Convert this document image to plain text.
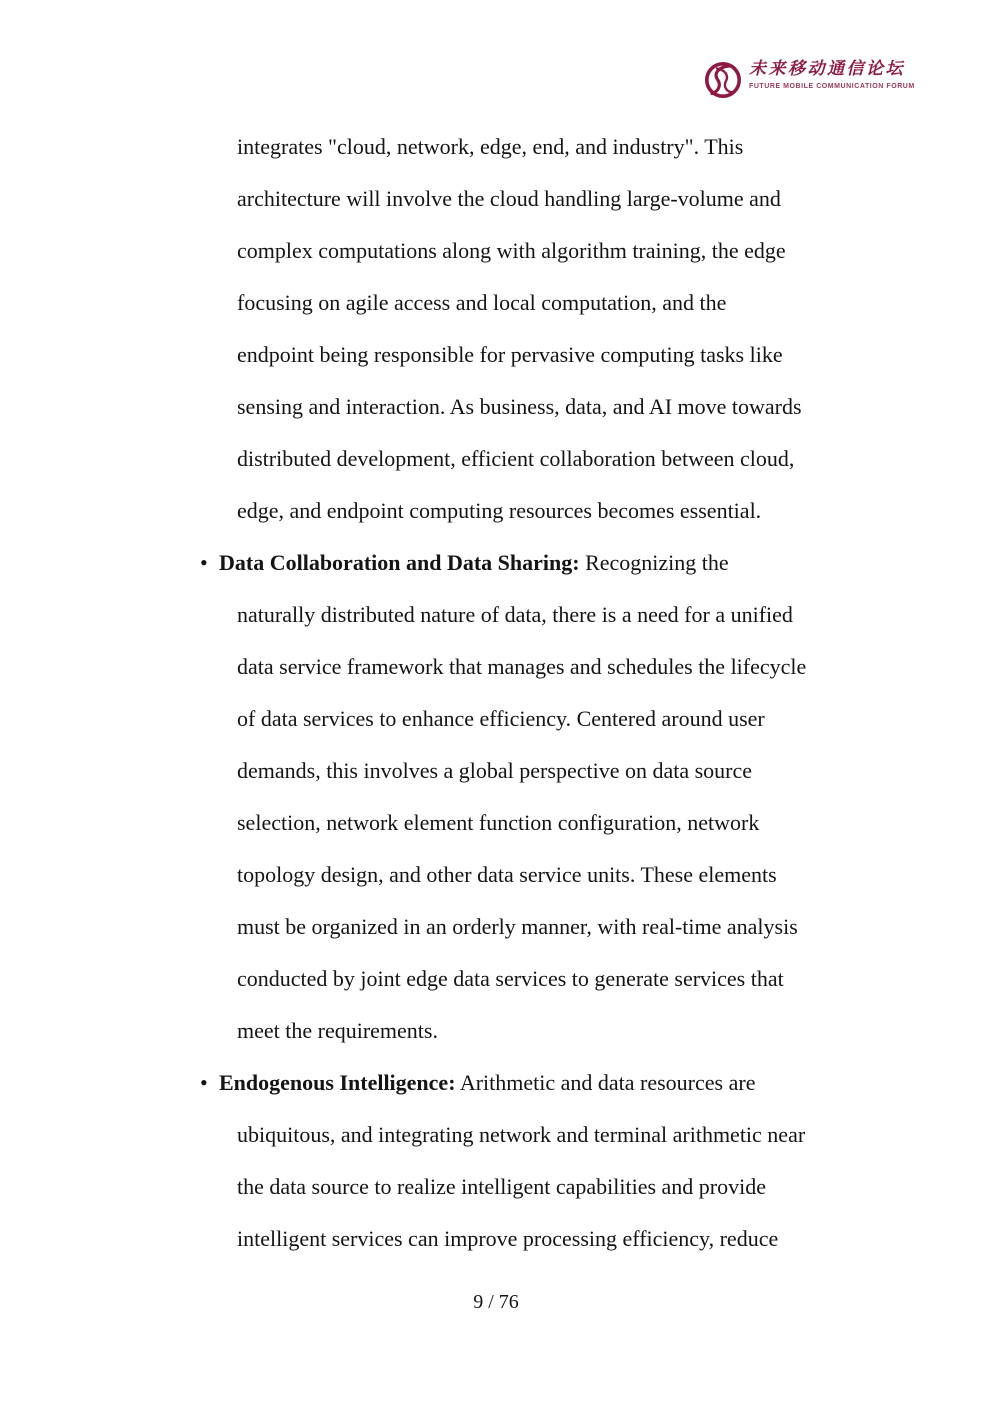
未来移动通信论坛
FUTURE MOBILE COMMUNICATION FORUM
integrates "cloud, network, edge, end, and industry". This
architecture will involve the cloud handling large-volume and
complex computations along with algorithm training, the edge
focusing on agile access and local computation, and the
endpoint being responsible for pervasive computing tasks like
sensing and interaction. As business, data, and AI move towards
distributed development, efficient collaboration between cloud,
edge, and endpoint computing resources becomes essential.
• Data Collaboration and Data Sharing: Recognizing the
naturally distributed nature of data, there is a need for a unified
data service framework that manages and schedules the lifecycle
of data services to enhance efficiency. Centered around user
demands, this involves a global perspective on data source
selection, network element function configuration, network
topology design, and other data service units. These elements
must be organized in an orderly manner, with real-time analysis
conducted by joint edge data services to generate services that
meet the requirements.
• Endogenous Intelligence: Arithmetic and data resources are
ubiquitous, and integrating network and terminal arithmetic near
the data source to realize intelligent capabilities and provide
intelligent services can improve processing efficiency, reduce
9 / 76
